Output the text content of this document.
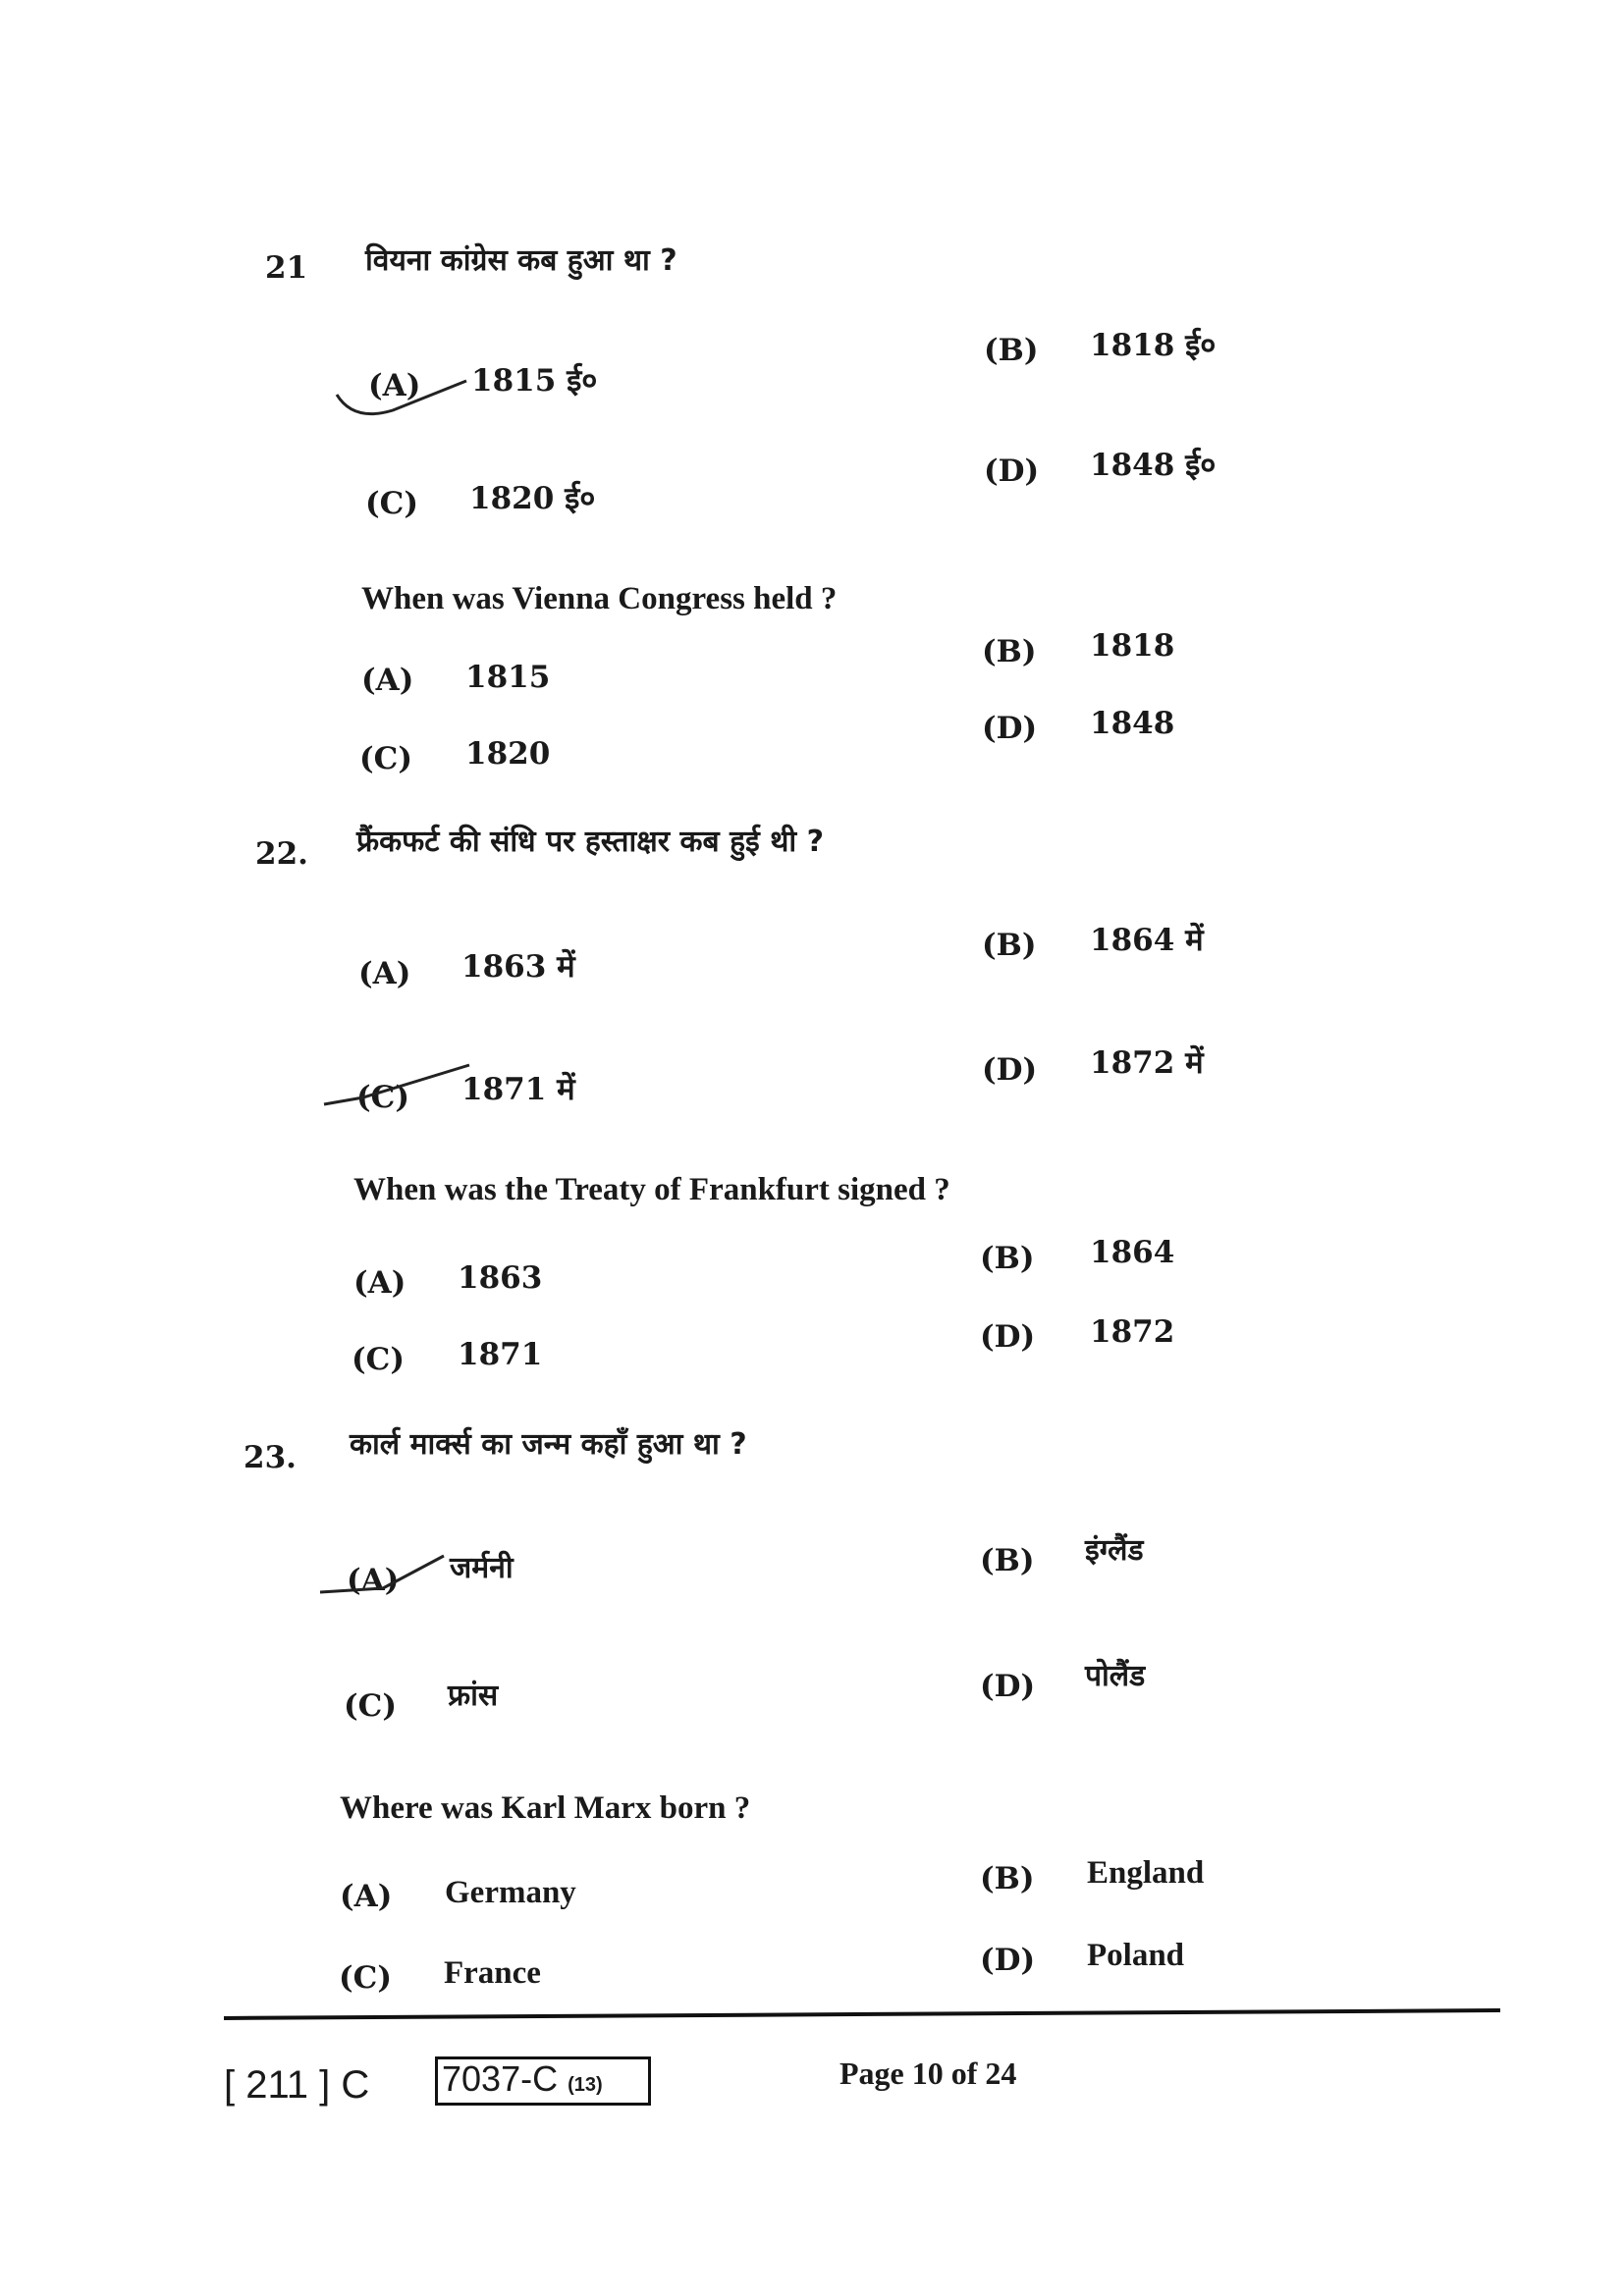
21 वियना कांग्रेस कब हुआ था ?
(A) 1815 ई०
(B) 1818 ई०
(C) 1820 ई०
(D) 1848 ई०
When was Vienna Congress held ?
(A) 1815
(B) 1818
(C) 1820
(D) 1848
22. फ्रैंकफर्ट की संधि पर हस्ताक्षर कब हुई थी ?
(A) 1863 में
(B) 1864 में
(C) 1871 में
(D) 1872 में
When was the Treaty of Frankfurt signed ?
(A) 1863
(B) 1864
(C) 1871	(D) 1872
23. कार्ल मार्क्स का जन्म कहाँ हुआ था ?
(A) जर्मनी	(B) इंग्लैंड
(C) फ्रांस	(D) पोलैंड
Where was Karl Marx born ?
(A) Germany	(B) England
(C) France	(D) Poland
[ 211 ] C 7037-C (13)	Page 10 of 24
